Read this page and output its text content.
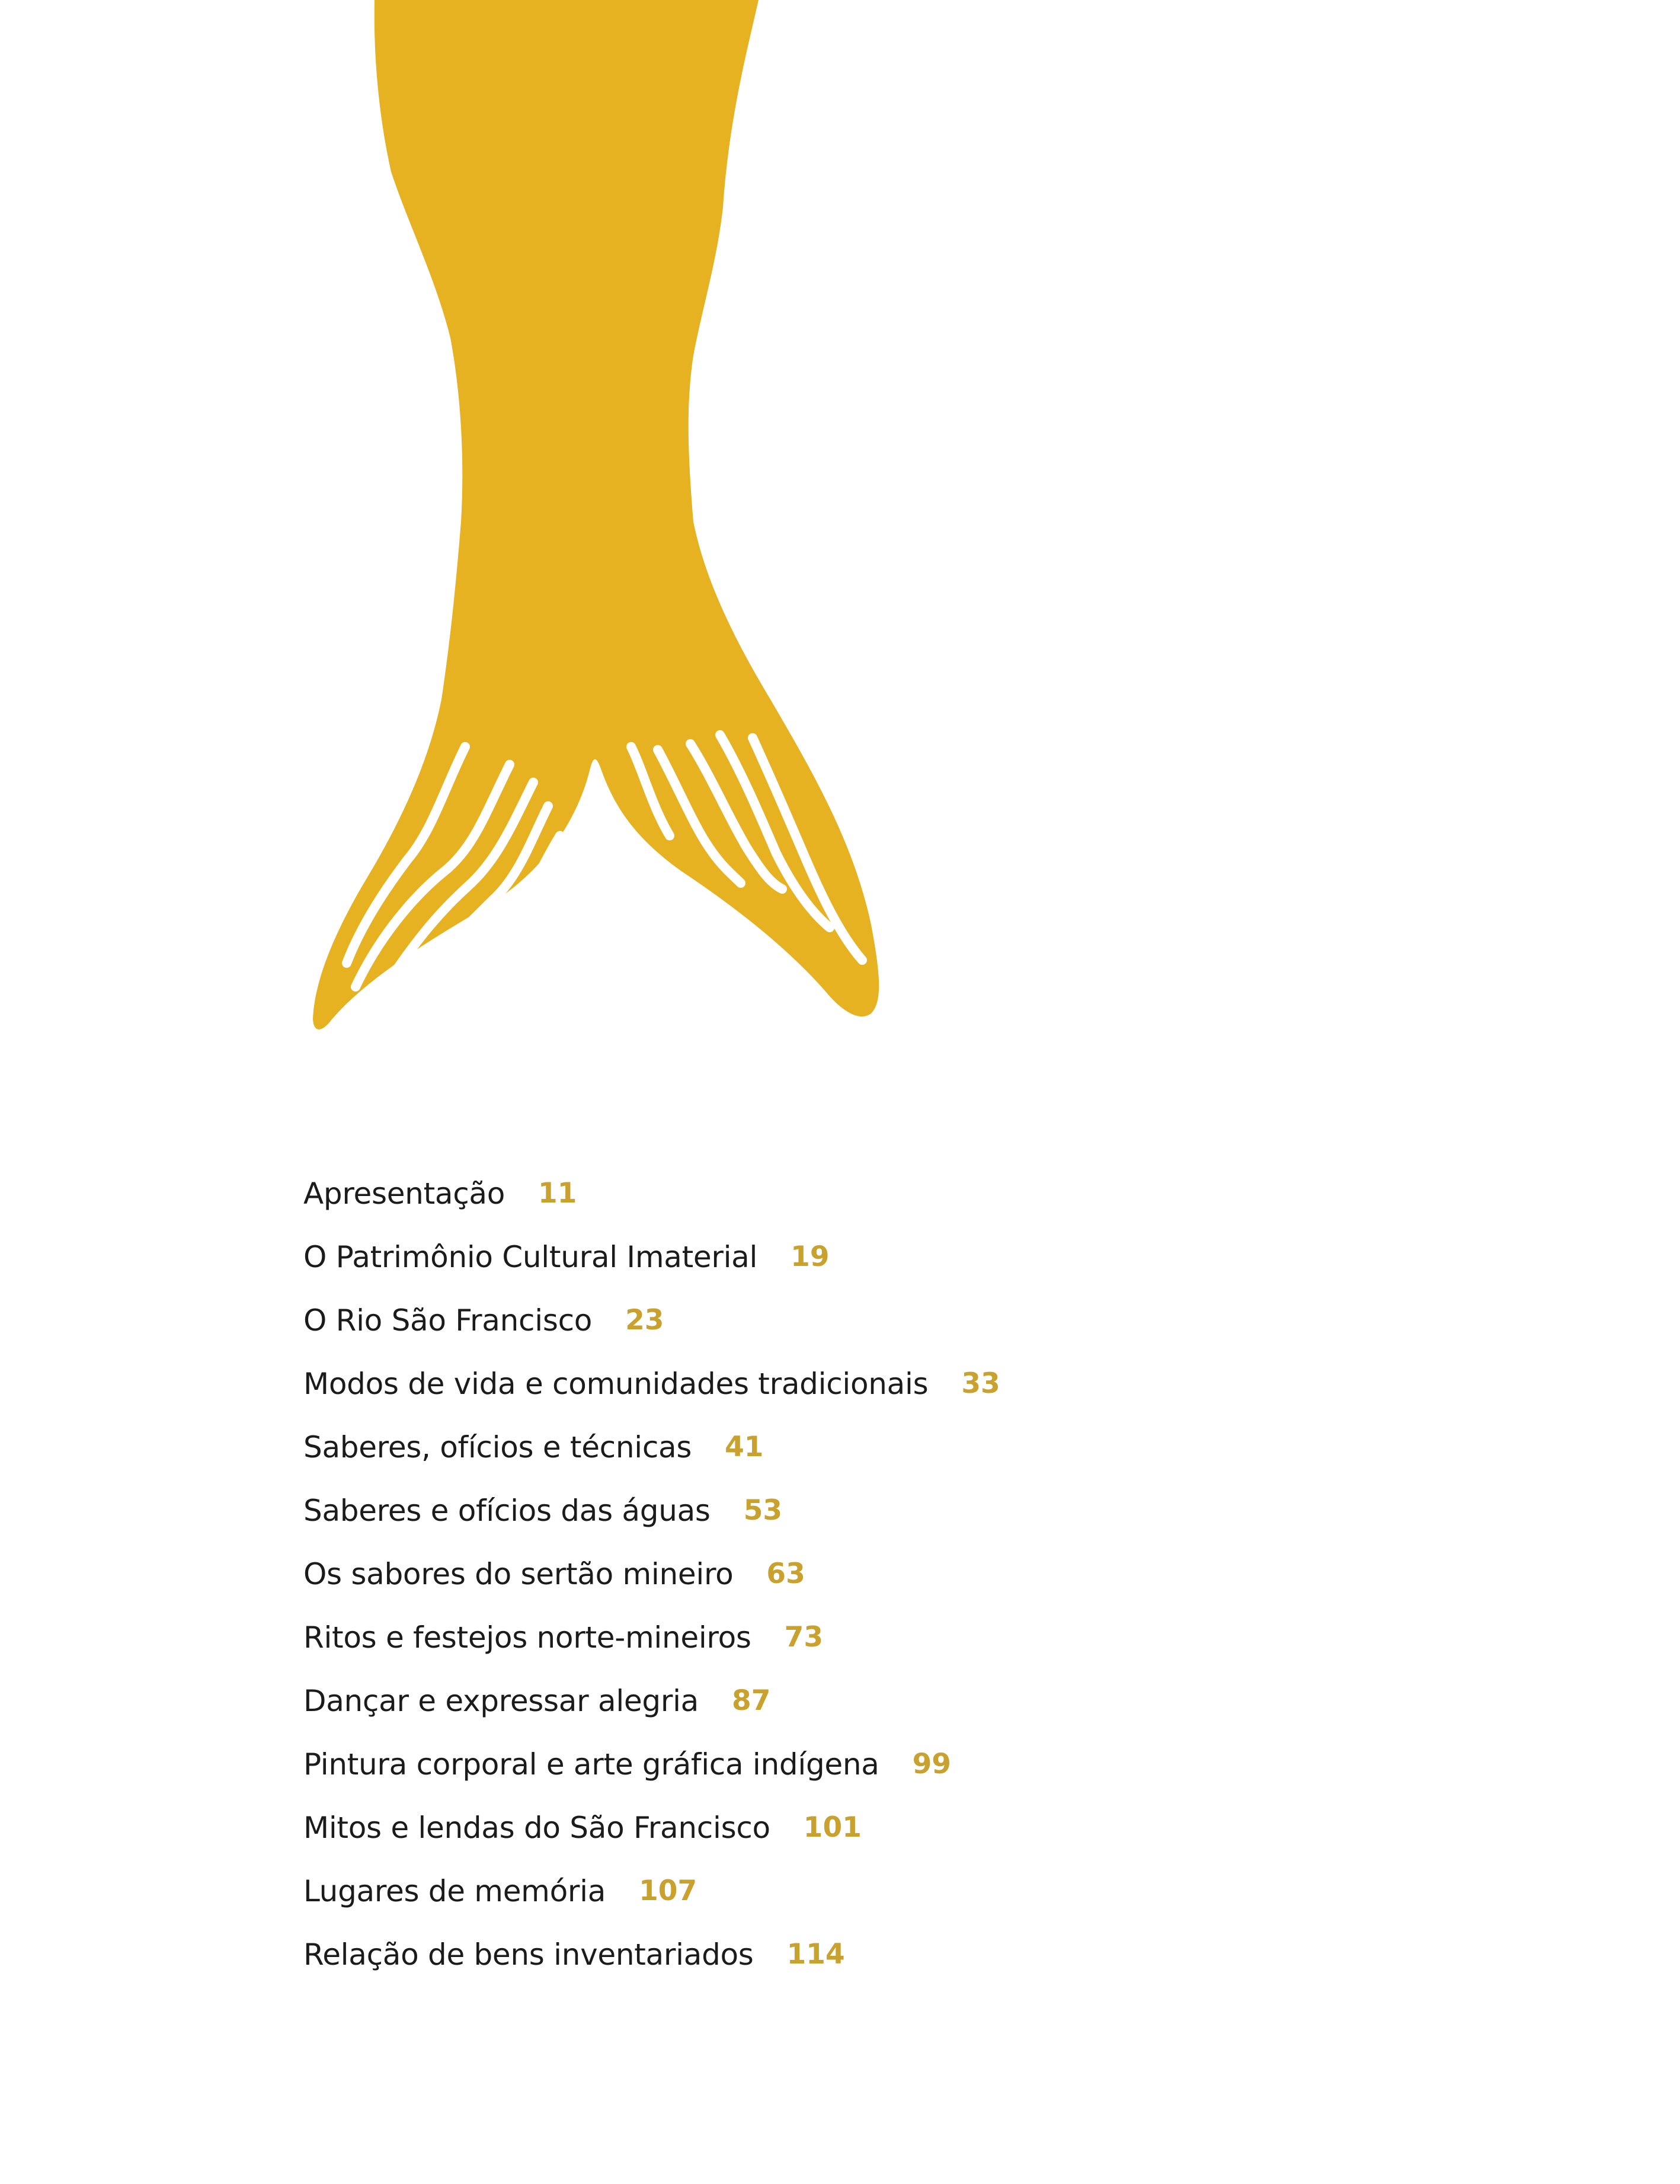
Apresentação 11
O Patrimônio Cultural Imaterial 19
O Rio São Francisco 23
Modos de vida e comunidades tradicionais 33
Saberes, ofícios e técnicas 41
Saberes e ofícios das águas 53
Os sabores do sertão mineiro 63
Ritos e festejos norte-mineiros 73
Dançar e expressar alegria 87
Pintura corporal e arte gráfica indígena 99
Mitos e lendas do São Francisco 101
Lugares de memória 107
Relação de bens inventariados 114
